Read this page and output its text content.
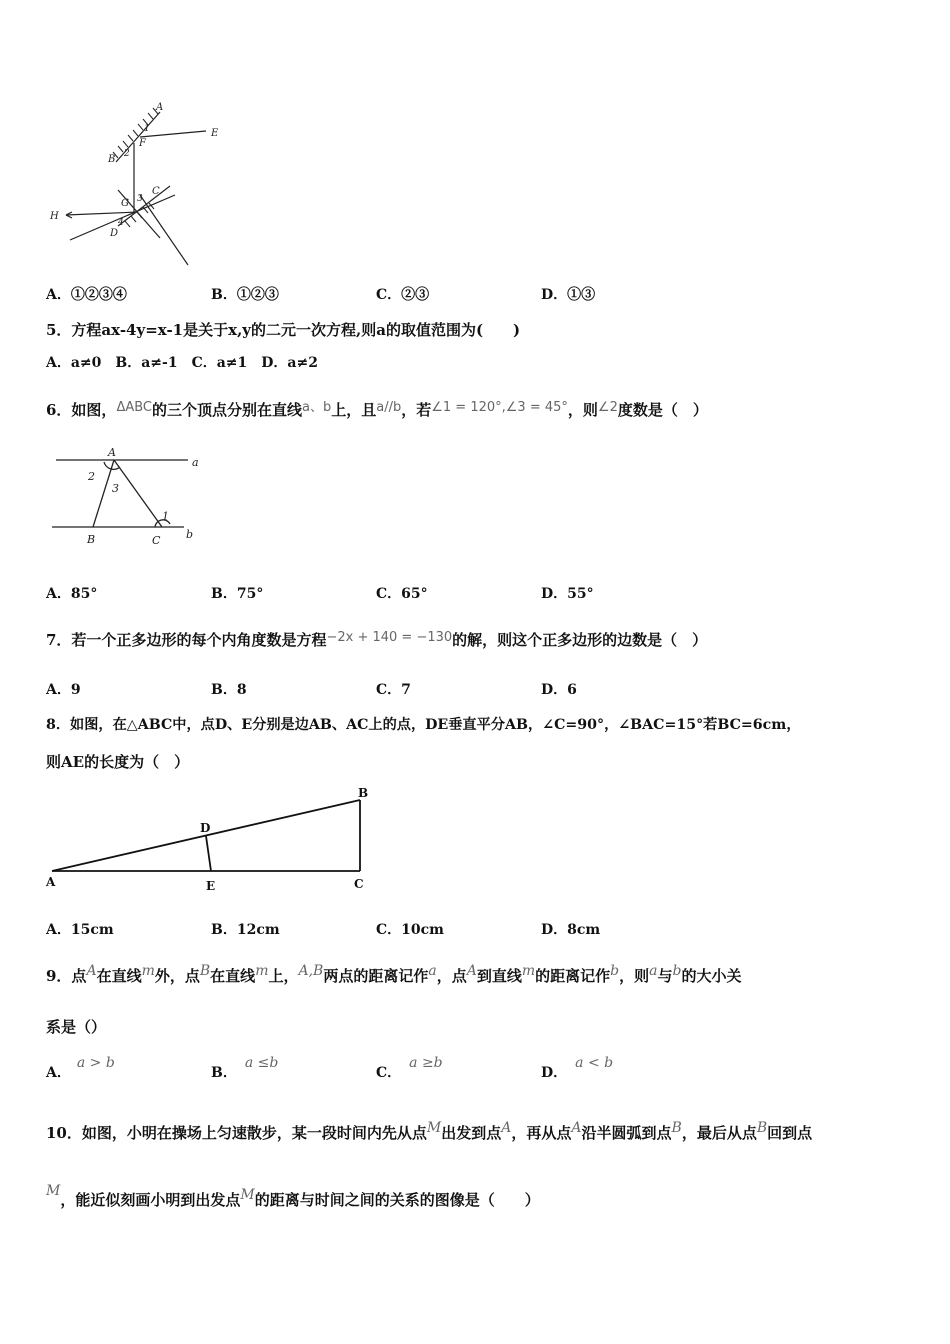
A
E
B
F
G
C
H
D
1
2
3
4
A．①②③④	B．①②③	C．②③	D．①③
5．方程ax-4y=x-1是关于x,y的二元一次方程,则a的取值范围为(　　)
A．a≠0　B．a≠-1　C．a≠1　D．a≠2
6．如图，ΔABC的三个顶点分别在直线a、b上，且a//b，若∠1 = 120°,∠3 = 45°，则∠2度数是（　）
A
a
2
3
1
B	C b
A．85°	B．75°	C．65°	D．55°
7．若一个正多边形的每个内角度数是方程−2x + 140 = −130的解，则这个正多边形的边数是（　）
A．9	B．8	C．7	D．6
8．如图，在△ABC中，点D、E分别是边AB、AC上的点，DE垂直平分AB，∠C=90°，∠BAC=15°若BC=6cm，
则AE的长度为（　）
A
B
C
D
E
A．15cm	B．12cm	C．10cm	D．8cm
9．点A在直线m外，点B在直线m上，A,B两点的距离记作a，点A到直线m的距离记作b，则a与b的大小关
系是（）
A．a > b
B．a ≤b
C．a ≥b
D．a < b
10．如图，小明在操场上匀速散步，某一段时间内先从点M出发到点A，再从点A沿半圆弧到点B，最后从点B回到点
M，能近似刻画小明到出发点M的距离与时间之间的关系的图像是（　　）
